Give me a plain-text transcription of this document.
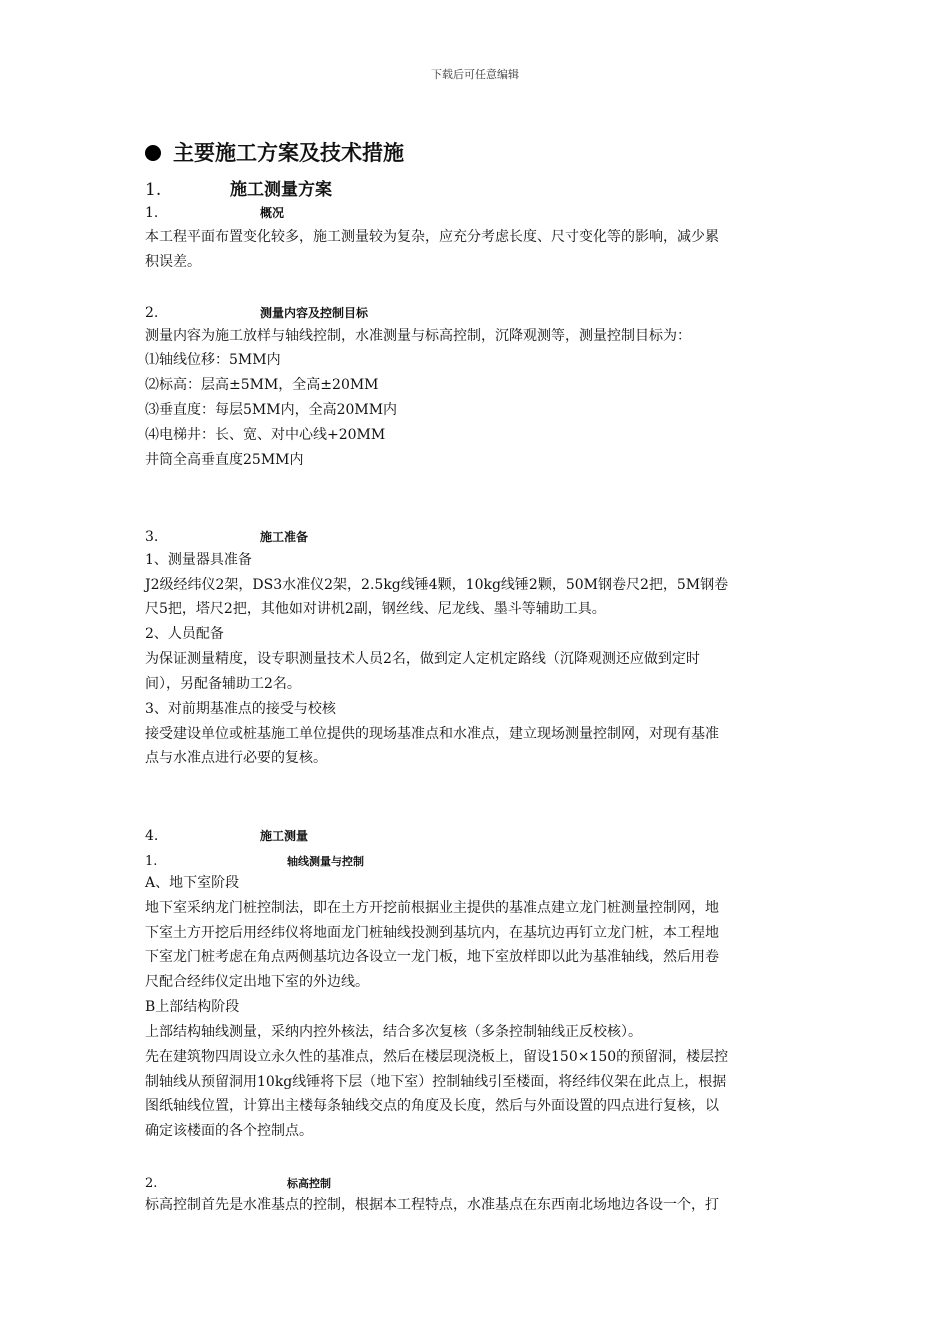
下载后可任意编辑
主要施工方案及技术措施
1.	施工测量方案
1.	概况
本工程平面布置变化较多，施工测量较为复杂，应充分考虑长度、尺寸变化等的影响，减少累
积误差。
2.	测量内容及控制目标
测量内容为施工放样与轴线控制，水准测量与标高控制，沉降观测等，测量控制目标为：
⑴轴线位移：5MM内
⑵标高：层高±5MM，全高±20MM
⑶垂直度：每层5MM内，全高20MM内
⑷电梯井：长、宽、对中心线+20MM
井筒全高垂直度25MM内
3.	施工准备
1、测量器具准备
J2级经纬仪2架，DS3水准仪2架，2.5kg线锤4颗，10kg线锤2颗，50M钢卷尺2把，5M钢卷
尺5把，塔尺2把，其他如对讲机2副，钢丝线、尼龙线、墨斗等辅助工具。
2、人员配备
为保证测量精度，设专职测量技术人员2名，做到定人定机定路线（沉降观测还应做到定时
间），另配备辅助工2名。
3、对前期基准点的接受与校核
接受建设单位或桩基施工单位提供的现场基准点和水准点，建立现场测量控制网，对现有基准
点与水准点进行必要的复核。
4.	施工测量
1.	轴线测量与控制
A、地下室阶段
地下室采纳龙门桩控制法，即在土方开挖前根据业主提供的基准点建立龙门桩测量控制网，地
下室土方开挖后用经纬仪将地面龙门桩轴线投测到基坑内，在基坑边再钉立龙门桩，本工程地
下室龙门桩考虑在角点两侧基坑边各设立一龙门板，地下室放样即以此为基准轴线，然后用卷
尺配合经纬仪定出地下室的外边线。
B上部结构阶段
上部结构轴线测量，采纳内控外核法，结合多次复核（多条控制轴线正反校核）。
先在建筑物四周设立永久性的基准点，然后在楼层现浇板上，留设150×150的预留洞，楼层控
制轴线从预留洞用10kg线锤将下层（地下室）控制轴线引至楼面，将经纬仪架在此点上，根据
图纸轴线位置，计算出主楼每条轴线交点的角度及长度，然后与外面设置的四点进行复核，以
确定该楼面的各个控制点。
2.	标高控制
标高控制首先是水准基点的控制，根据本工程特点，水准基点在东西南北场地边各设一个，打
